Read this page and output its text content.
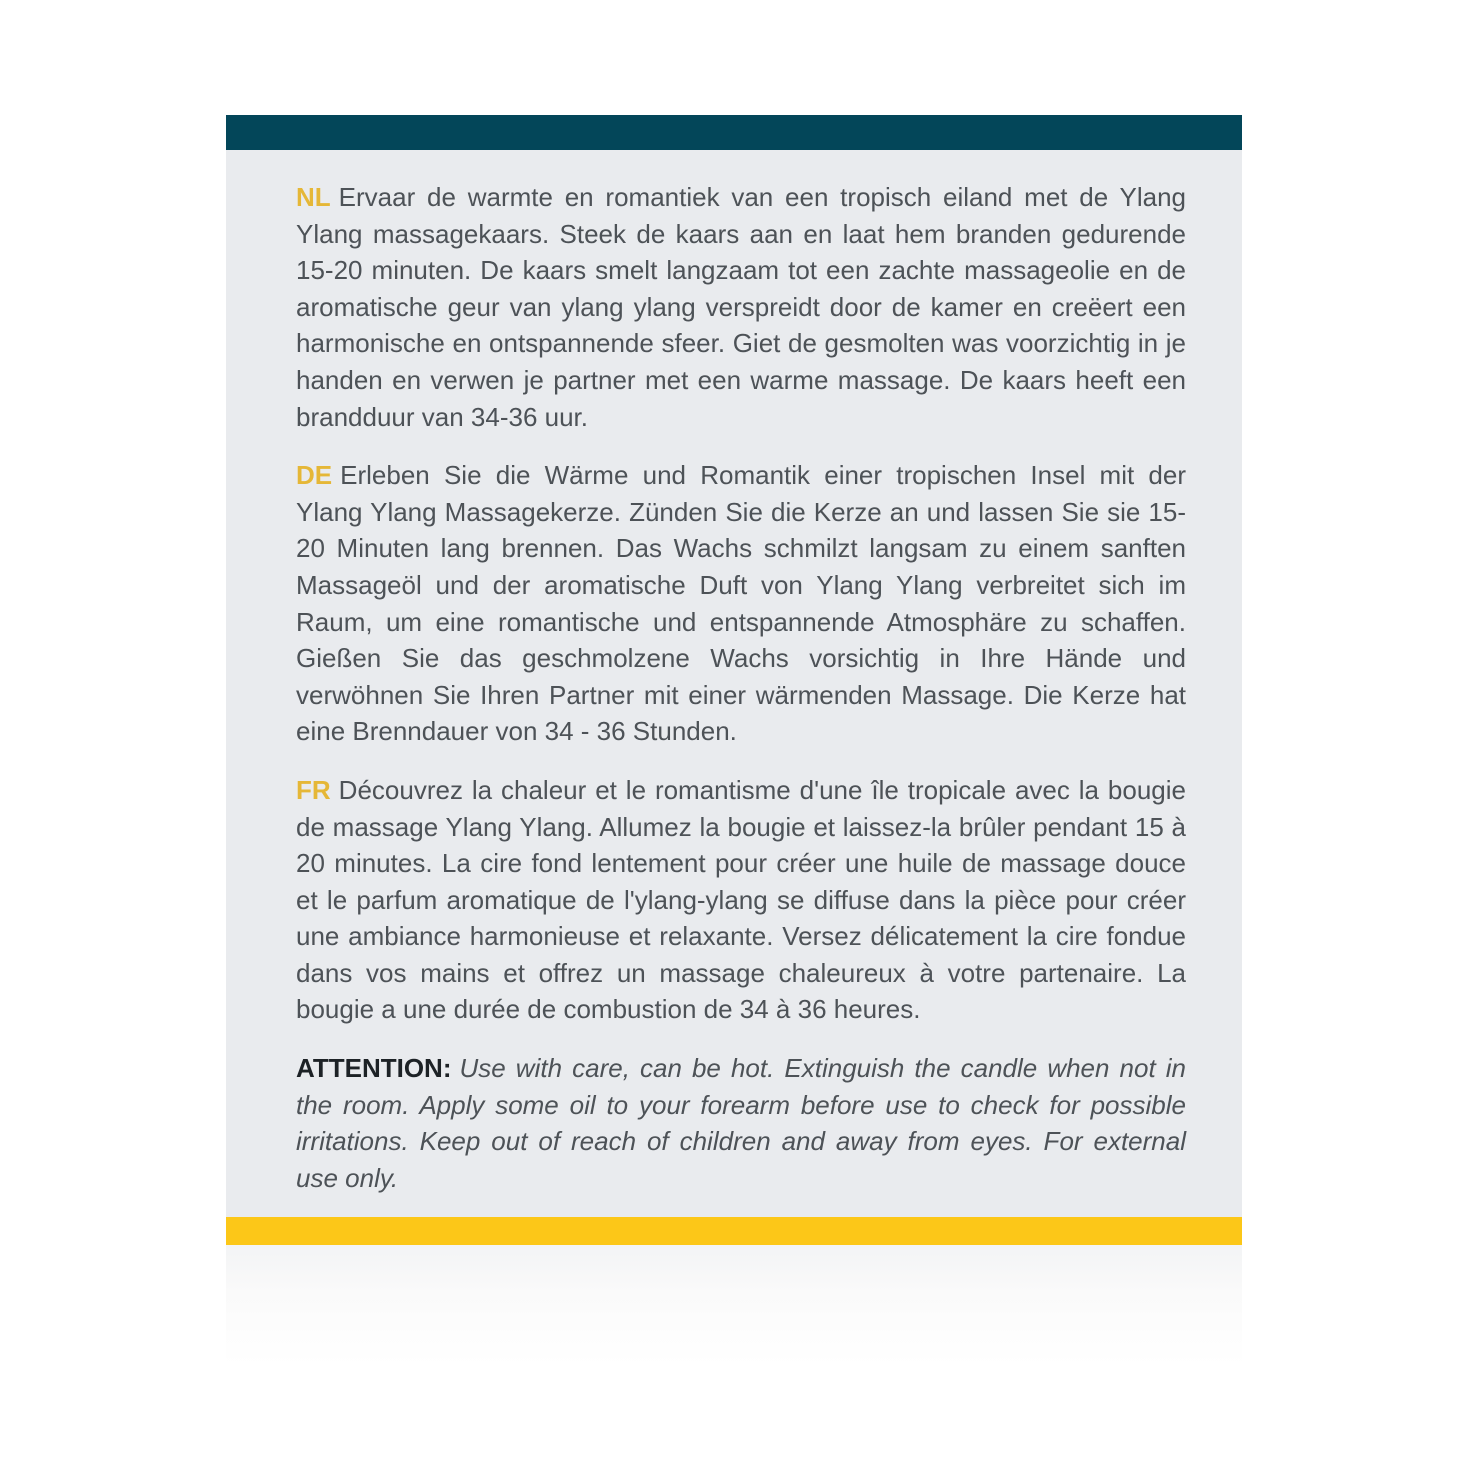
NL Ervaar de warmte en romantiek van een tropisch eiland met de Ylang Ylang massagekaars. Steek de kaars aan en laat hem branden gedurende 15-20 minuten. De kaars smelt langzaam tot een zachte massageolie en de aromatische geur van ylang ylang verspreidt door de kamer en creëert een harmonische en ontspannende sfeer. Giet de gesmolten was voorzichtig in je handen en verwen je partner met een warme massage. De kaars heeft een brandduur van 34-36 uur.

DE Erleben Sie die Wärme und Romantik einer tropischen Insel mit der Ylang Ylang Massagekerze. Zünden Sie die Kerze an und lassen Sie sie 15-20 Minuten lang brennen. Das Wachs schmilzt langsam zu einem sanften Massageöl und der aromatische Duft von Ylang Ylang verbreitet sich im Raum, um eine romantische und entspannende Atmosphäre zu schaffen. Gießen Sie das geschmolzene Wachs vorsichtig in Ihre Hände und verwöhnen Sie Ihren Partner mit einer wärmenden Massage. Die Kerze hat eine Brenndauer von 34 - 36 Stunden.

FR Découvrez la chaleur et le romantisme d'une île tropicale avec la bougie de massage Ylang Ylang. Allumez la bougie et laissez-la brûler pendant 15 à 20 minutes. La cire fond lentement pour créer une huile de massage douce et le parfum aromatique de l'ylang-ylang se diffuse dans la pièce pour créer une ambiance harmonieuse et relaxante. Versez délicatement la cire fondue dans vos mains et offrez un massage chaleureux à votre partenaire. La bougie a une durée de combustion de 34 à 36 heures.

ATTENTION: Use with care, can be hot. Extinguish the candle when not in the room. Apply some oil to your forearm before use to check for possible irritations. Keep out of reach of children and away from eyes. For external use only.
